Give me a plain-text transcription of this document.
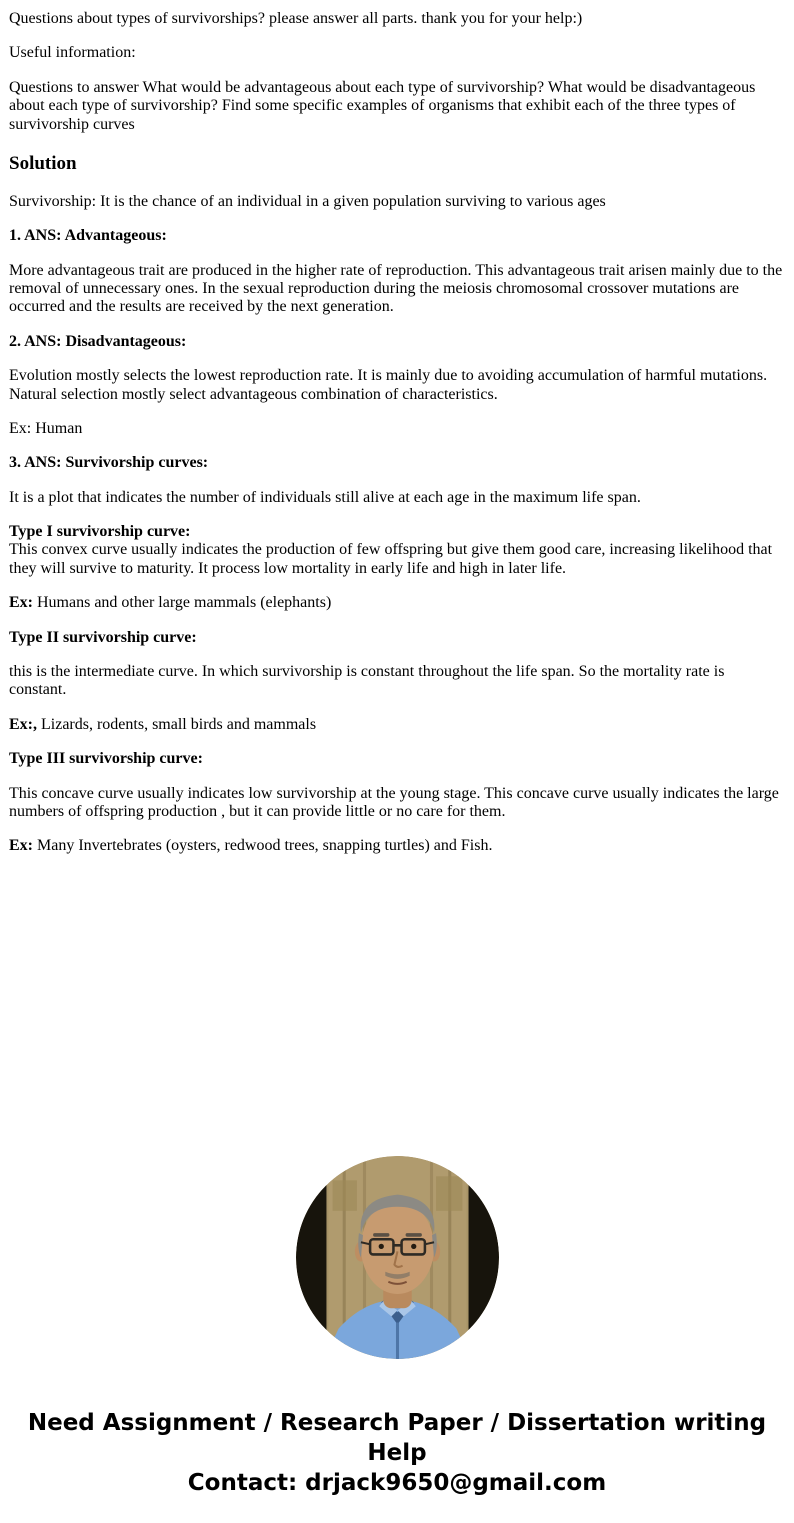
Questions about types of survivorships? please answer all parts. thank you for your help:)

Useful information:

Questions to answer What would be advantageous about each type of survivorship? What would be disadvantageous about each type of survivorship? Find some specific examples of organisms that exhibit each of the three types of survivorship curves

Solution

Survivorship: It is the chance of an individual in a given population surviving to various ages

1. ANS: Advantageous:

More advantageous trait are produced in the higher rate of reproduction. This advantageous trait arisen mainly due to the removal of unnecessary ones. In the sexual reproduction during the meiosis chromosomal crossover mutations are occurred and the results are received by the next generation.

2. ANS: Disadvantageous:

Evolution mostly selects the lowest reproduction rate. It is mainly due to avoiding accumulation of harmful mutations. Natural selection mostly select advantageous combination of characteristics.

Ex: Human

3. ANS: Survivorship curves:

It is a plot that indicates the number of individuals still alive at each age in the maximum life span.

Type I survivorship curve:
This convex curve usually indicates the production of few offspring but give them good care, increasing likelihood that they will survive to maturity. It process low mortality in early life and high in later life.

Ex: Humans and other large mammals (elephants)

Type II survivorship curve:

this is the intermediate curve. In which survivorship is constant throughout the life span. So the mortality rate is constant.

Ex:, Lizards, rodents, small birds and mammals

Type III survivorship curve:

This concave curve usually indicates low survivorship at the young stage. This concave curve usually indicates the large numbers of offspring production , but it can provide little or no care for them.

Ex: Many Invertebrates (oysters, redwood trees, snapping turtles) and Fish.

Need Assignment / Research Paper / Dissertation writing Help
Contact: drjack9650@gmail.com
